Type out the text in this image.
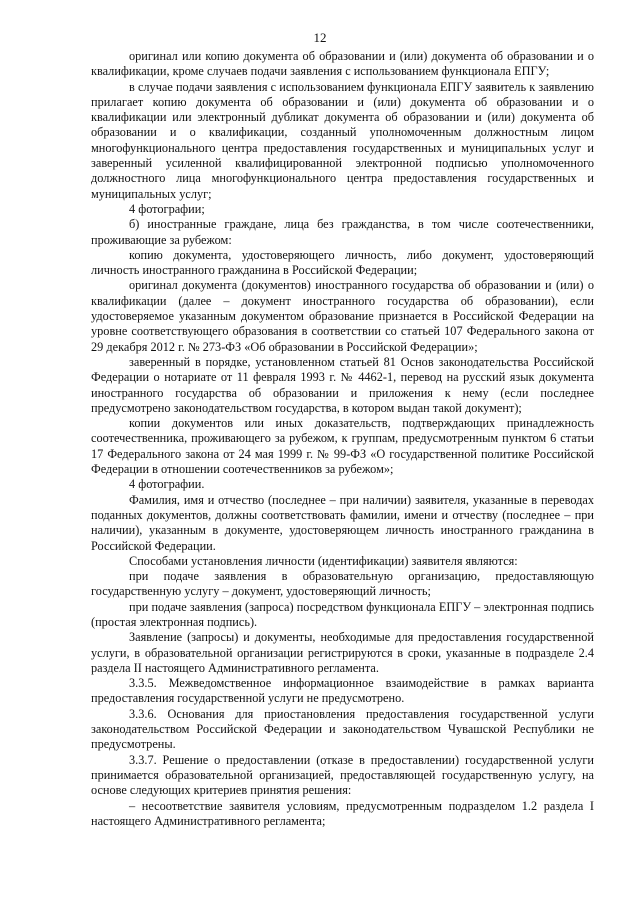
12

оригинал или копию документа об образовании и (или) документа об образовании и о квалификации, кроме случаев подачи заявления с использованием функционала ЕПГУ;

в случае подачи заявления с использованием функционала ЕПГУ заявитель к заявлению прилагает копию документа об образовании и (или) документа об образовании и о квалификации или электронный дубликат документа об образовании и (или) документа об образовании и о квалификации, созданный уполномоченным должностным лицом многофункционального центра предоставления государственных и муниципальных услуг и заверенный усиленной квалифицированной электронной подписью уполномоченного должностного лица многофункционального центра предоставления государственных и муниципальных услуг;

4 фотографии;

б) иностранные граждане, лица без гражданства, в том числе соотечественники, проживающие за рубежом:

копию документа, удостоверяющего личность, либо документ, удостоверяющий личность иностранного гражданина в Российской Федерации;

оригинал документа (документов) иностранного государства об образовании и (или) о квалификации (далее – документ иностранного государства об образовании), если удостоверяемое указанным документом образование признается в Российской Федерации на уровне соответствующего образования в соответствии со статьей 107 Федерального закона от 29 декабря 2012 г. № 273-ФЗ «Об образовании в Российской Федерации»;

заверенный в порядке, установленном статьей 81 Основ законодательства Российской Федерации о нотариате от 11 февраля 1993 г. № 4462-1, перевод на русский язык документа иностранного государства об образовании и приложения к нему (если последнее предусмотрено законодательством государства, в котором выдан такой документ);

копии документов или иных доказательств, подтверждающих принадлежность соотечественника, проживающего за рубежом, к группам, предусмотренным пунктом 6 статьи 17 Федерального закона от 24 мая 1999 г. № 99-ФЗ «О государственной политике Российской Федерации в отношении соотечественников за рубежом»;

4 фотографии.

Фамилия, имя и отчество (последнее – при наличии) заявителя, указанные в переводах поданных документов, должны соответствовать фамилии, имени и отчеству (последнее – при наличии), указанным в документе, удостоверяющем личность иностранного гражданина в Российской Федерации.

Способами установления личности (идентификации) заявителя являются:

при подаче заявления в образовательную организацию, предоставляющую государственную услугу – документ, удостоверяющий личность;

при подаче заявления (запроса) посредством функционала ЕПГУ – электронная подпись (простая электронная подпись).

Заявление (запросы) и документы, необходимые для предоставления государственной услуги, в образовательной организации регистрируются в сроки, указанные в подразделе 2.4 раздела II настоящего Административного регламента.

3.3.5. Межведомственное информационное взаимодействие в рамках варианта предоставления государственной услуги не предусмотрено.

3.3.6. Основания для приостановления предоставления государственной услуги законодательством Российской Федерации и законодательством Чувашской Республики не предусмотрены.

3.3.7. Решение о предоставлении (отказе в предоставлении) государственной услуги принимается образовательной организацией, предоставляющей государственную услугу, на основе следующих критериев принятия решения:

– несоответствие заявителя условиям, предусмотренным подразделом 1.2 раздела I настоящего Административного регламента;
